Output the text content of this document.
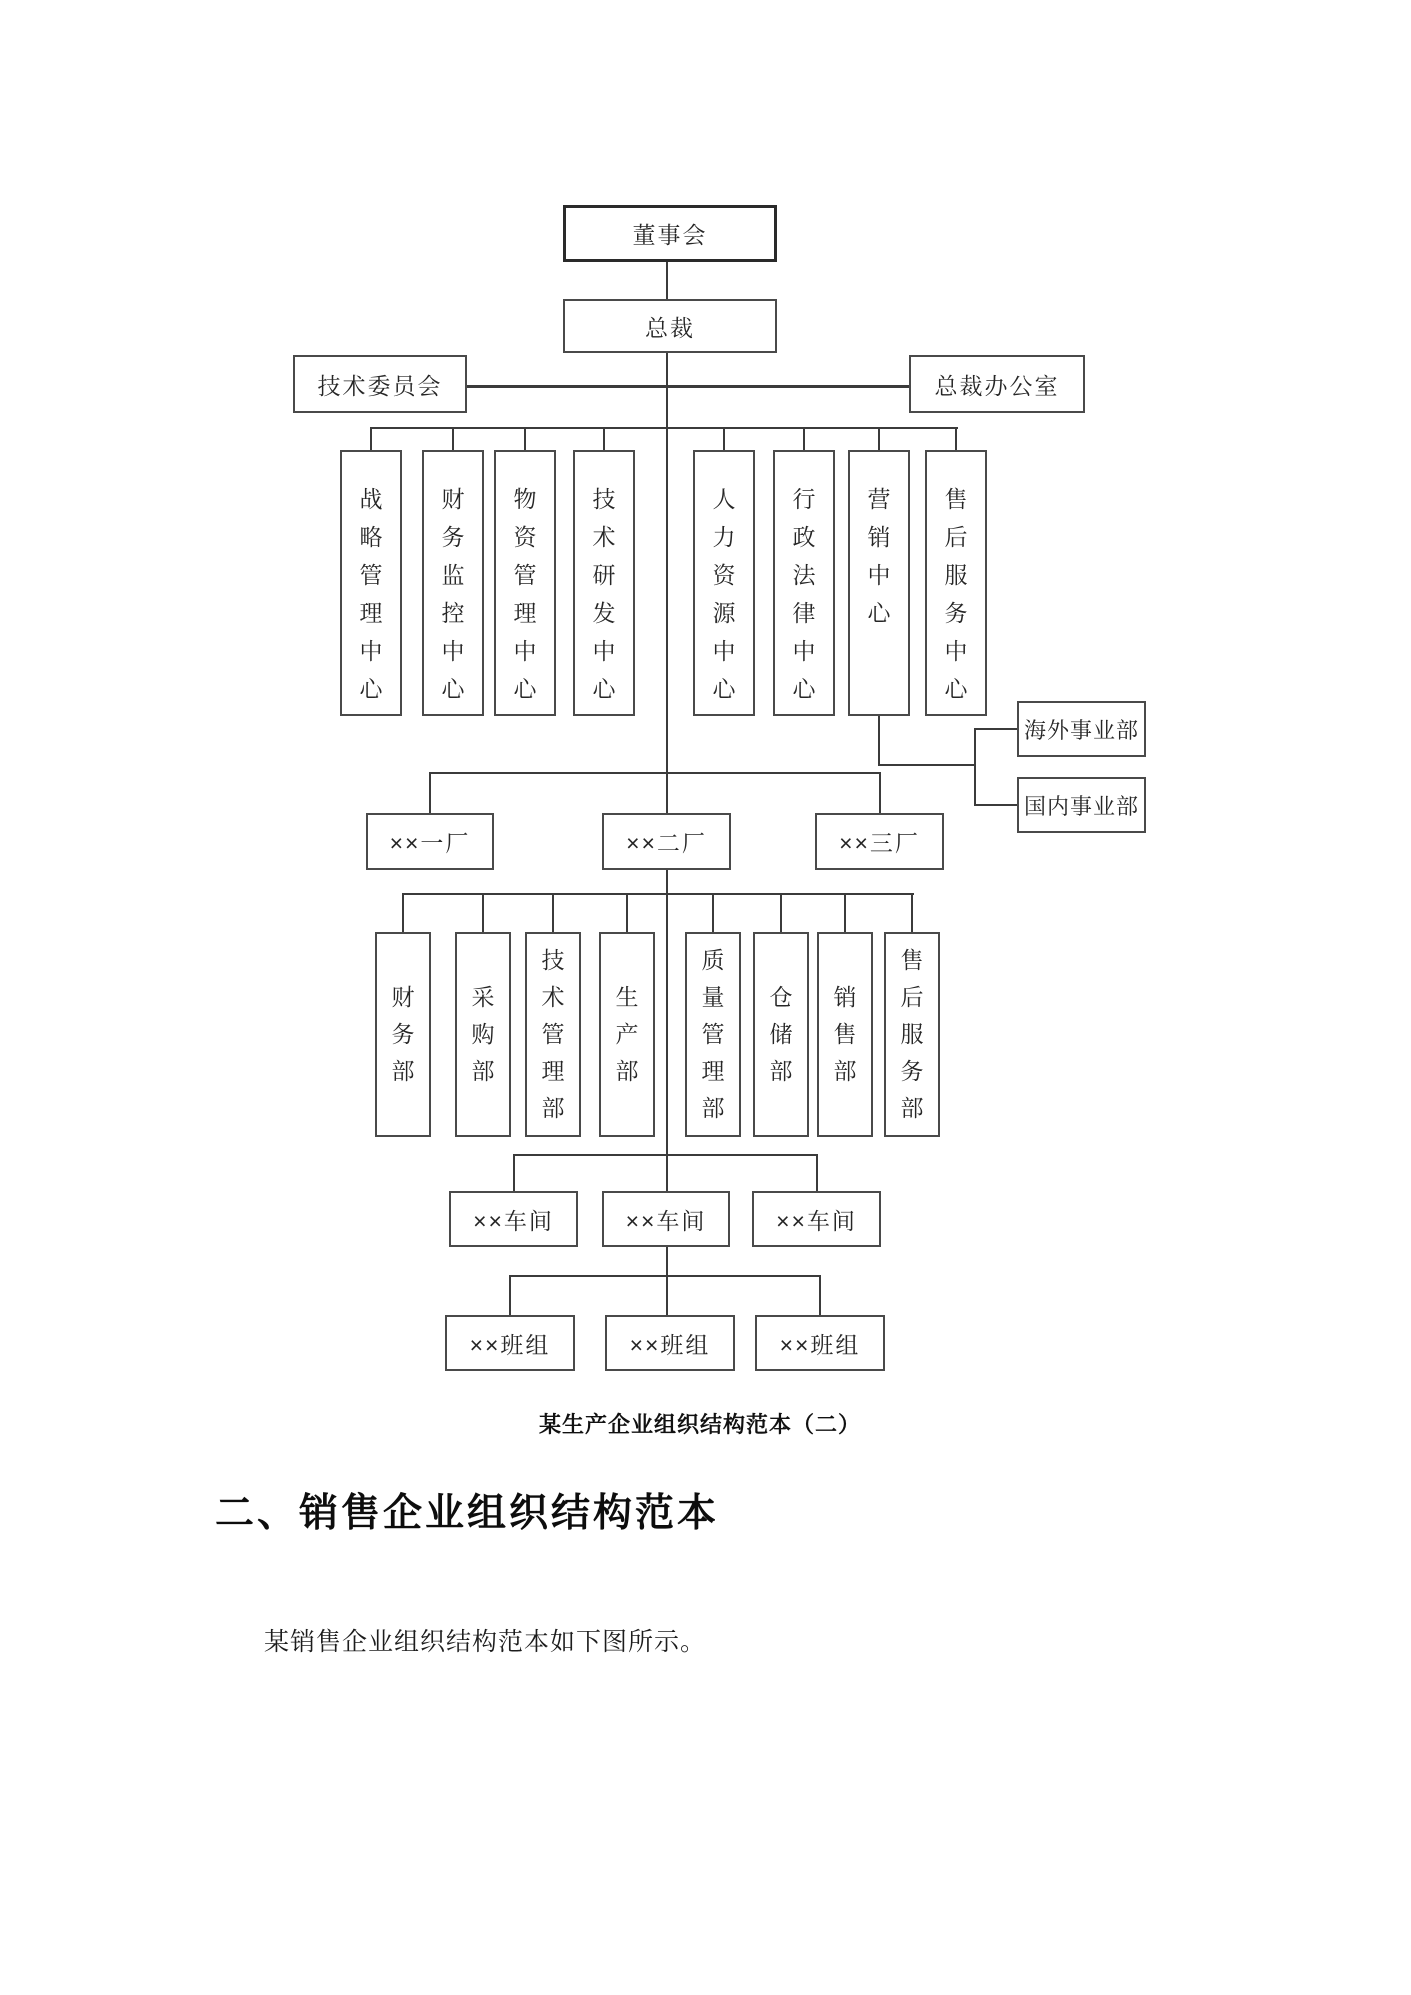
董事会
总裁
技术委员会	总裁办公室
战
略
管
理
中
心
财
务
监
控
中
心
物
资
管
理
中
心
技
术
研
发
中
心
人
力
资
源
中
心
行
政
法
律
中
心
营
销
中
心
售
后
服
务
中
心
海外事业部
国内事业部
××一厂	××二厂	××三厂
财
务
部
采
购
部
技
术
管
理
部
生
产
部
质
量
管
理
部
仓
储
部
销
售
部
售
后
服
务
部
××车间	××车间	××车间
××班组	××班组	××班组
某生产企业组织结构范本（二）
二、销售企业组织结构范本
某销售企业组织结构范本如下图所示。
